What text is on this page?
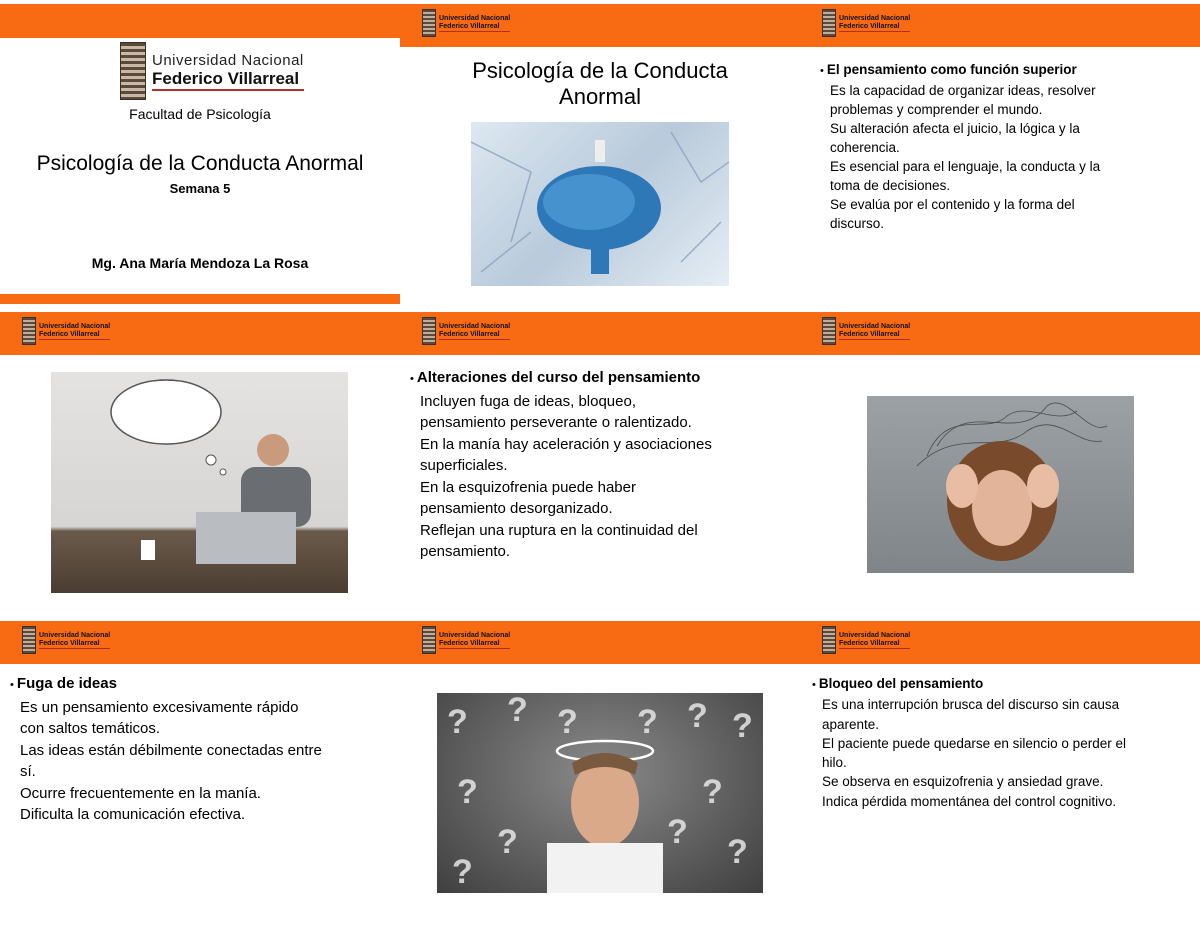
Universidad Nacional
Federico Villarreal
Facultad de Psicología
Psicología de la Conducta Anormal
Semana 5
Mg. Ana María Mendoza La Rosa
Universidad Nacional
Federico Villarreal
Psicología de la Conducta Anormal
Universidad Nacional
Federico Villarreal
• El pensamiento como función superior
Es la capacidad de organizar ideas, resolver
problemas y comprender el mundo.
Su alteración afecta el juicio, la lógica y la
coherencia.
Es esencial para el lenguaje, la conducta y la
toma de decisiones.
Se evalúa por el contenido y la forma del
discurso.
Universidad Nacional
Federico Villarreal
Universidad Nacional
Federico Villarreal
• Alteraciones del curso del pensamiento
Incluyen fuga de ideas, bloqueo,
pensamiento perseverante o ralentizado.
En la manía hay aceleración y asociaciones
superficiales.
En la esquizofrenia puede haber
pensamiento desorganizado.
Reflejan una ruptura en la continuidad del
pensamiento.
Universidad Nacional
Federico Villarreal
Universidad Nacional
Federico Villarreal
• Fuga de ideas
Es un pensamiento excesivamente rápido
con saltos temáticos.
Las ideas están débilmente conectadas entre
sí.
Ocurre frecuentemente en la manía.
Dificulta la comunicación efectiva.
Universidad Nacional
Federico Villarreal
? ? ? ? ? ?
?
?
?
?
?
?
Universidad Nacional
Federico Villarreal
• Bloqueo del pensamiento
Es una interrupción brusca del discurso sin causa
aparente.
El paciente puede quedarse en silencio o perder el
hilo.
Se observa en esquizofrenia y ansiedad grave.
Indica pérdida momentánea del control cognitivo.
